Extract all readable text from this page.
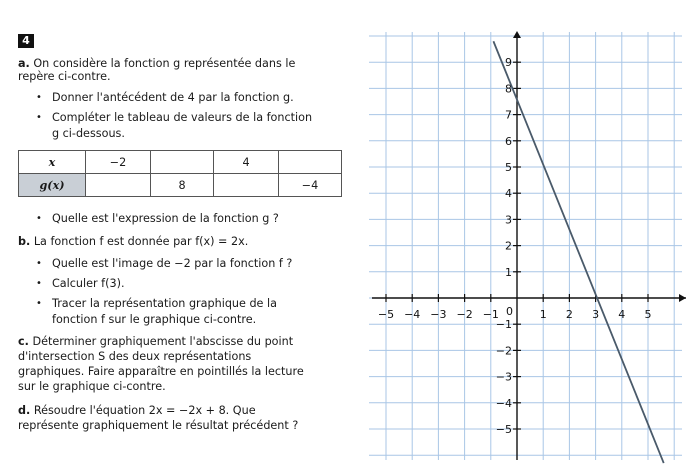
4
a. On considère la fonction g représentée dans le
repère ci-contre.
• Donner l'antécédent de 4 par la fonction g.
• Compléter le tableau de valeurs de la fonction
g ci-dessous.
x	−2		4	
g(x)		8		−4
• Quelle est l'expression de la fonction g ?
b. La fonction f est donnée par f(x) = 2x.
• Quelle est l'image de −2 par la fonction f ?
• Calculer f(3).
• Tracer la représentation graphique de la
fonction f sur le graphique ci-contre.
c. Déterminer graphiquement l'abscisse du point
d'intersection S des deux représentations
graphiques. Faire apparaître en pointillés la lecture
sur le graphique ci-contre.
d. Résoudre l'équation 2x = −2x + 8. Que
représente graphiquement le résultat précédent ?
−5 −4 −3 −2 −1	1 2 3 4 5
9
8
7
6
5
4
3
2
1
−1
−2
−3
−4
−5
0
